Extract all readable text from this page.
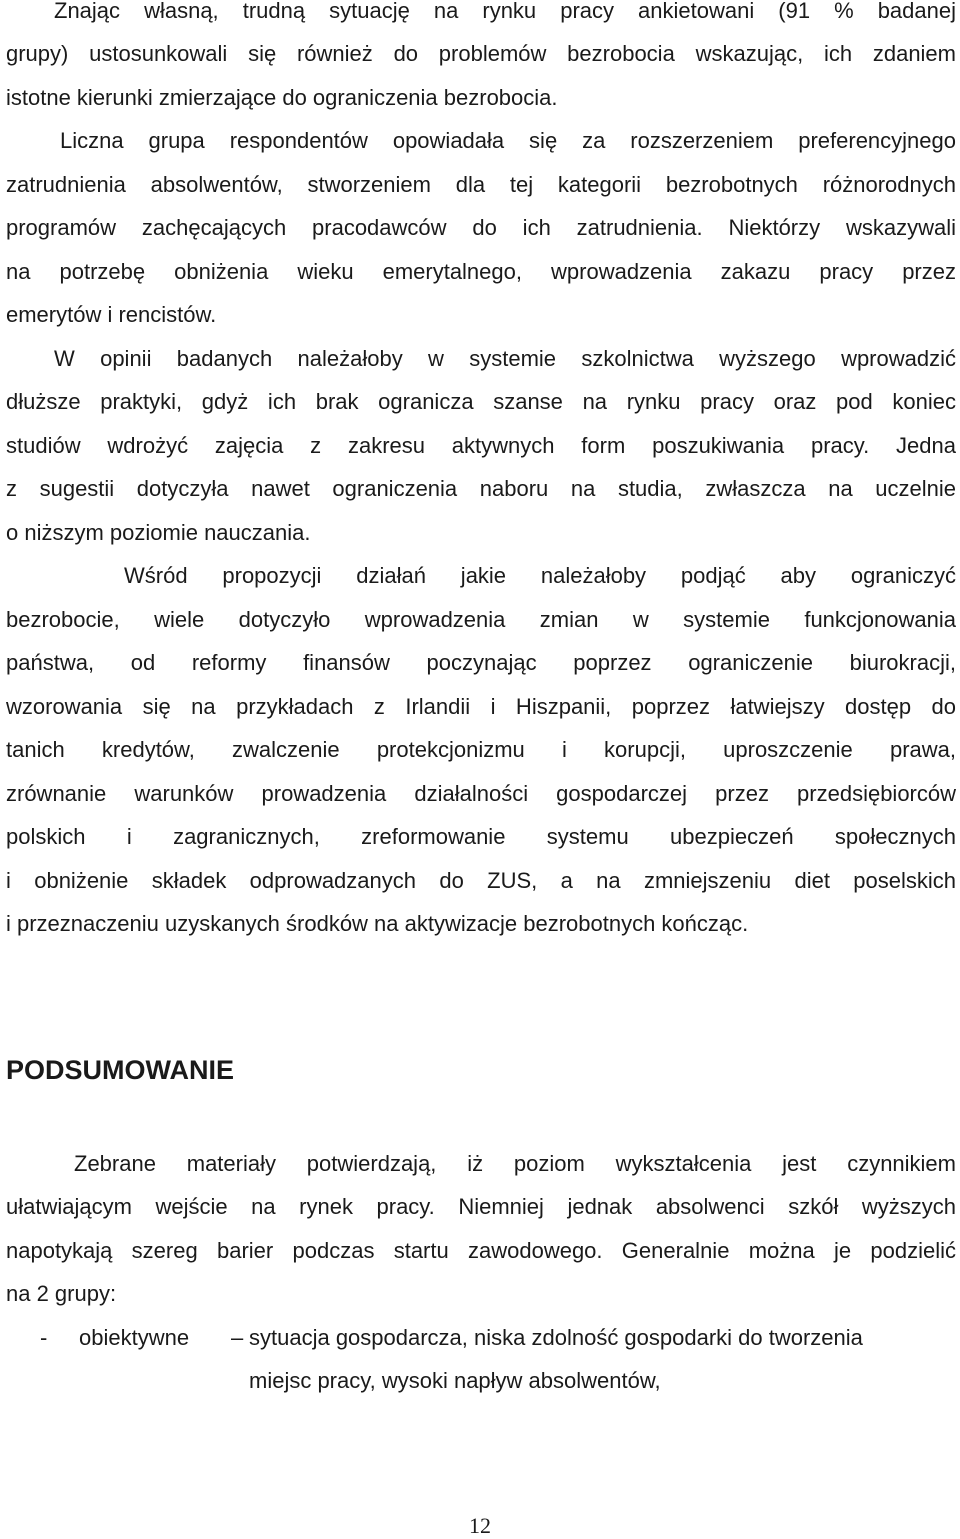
Znając własną, trudną sytuację na rynku pracy ankietowani (91 % badanej
grupy) ustosunkowali się również do problemów bezrobocia wskazując, ich zdaniem
istotne kierunki zmierzające do ograniczenia bezrobocia.
Liczna grupa respondentów opowiadała się za rozszerzeniem preferencyjnego
zatrudnienia absolwentów, stworzeniem dla tej kategorii bezrobotnych różnorodnych
programów zachęcających pracodawców do ich zatrudnienia. Niektórzy wskazywali
na potrzebę obniżenia wieku emerytalnego, wprowadzenia zakazu pracy przez
emerytów i rencistów.
W opinii badanych należałoby w systemie szkolnictwa wyższego wprowadzić
dłuższe praktyki, gdyż ich brak ogranicza szanse na rynku pracy oraz pod koniec
studiów wdrożyć zajęcia z zakresu aktywnych form poszukiwania pracy. Jedna
z sugestii dotyczyła nawet ograniczenia naboru na studia, zwłaszcza na uczelnie
o niższym poziomie nauczania.
Wśród propozycji działań jakie należałoby podjąć aby ograniczyć
bezrobocie, wiele dotyczyło wprowadzenia zmian w systemie funkcjonowania
państwa, od reformy finansów poczynając poprzez ograniczenie biurokracji,
wzorowania się na przykładach z Irlandii i Hiszpanii, poprzez łatwiejszy dostęp do
tanich kredytów, zwalczenie protekcjonizmu i korupcji, uproszczenie prawa,
zrównanie warunków prowadzenia działalności gospodarczej przez przedsiębiorców
polskich i zagranicznych, zreformowanie systemu ubezpieczeń społecznych
i obniżenie składek odprowadzanych do ZUS, a na zmniejszeniu diet poselskich
i przeznaczeniu uzyskanych środków na aktywizacje bezrobotnych kończąc.
PODSUMOWANIE
Zebrane materiały potwierdzają, iż poziom wykształcenia jest czynnikiem
ułatwiającym wejście na rynek pracy. Niemniej jednak absolwenci szkół wyższych
napotykają szereg barier podczas startu zawodowego. Generalnie można je podzielić
na 2 grupy:
- obiektywne – sytuacja gospodarcza, niska zdolność gospodarki do tworzenia
miejsc pracy, wysoki napływ absolwentów,
12
